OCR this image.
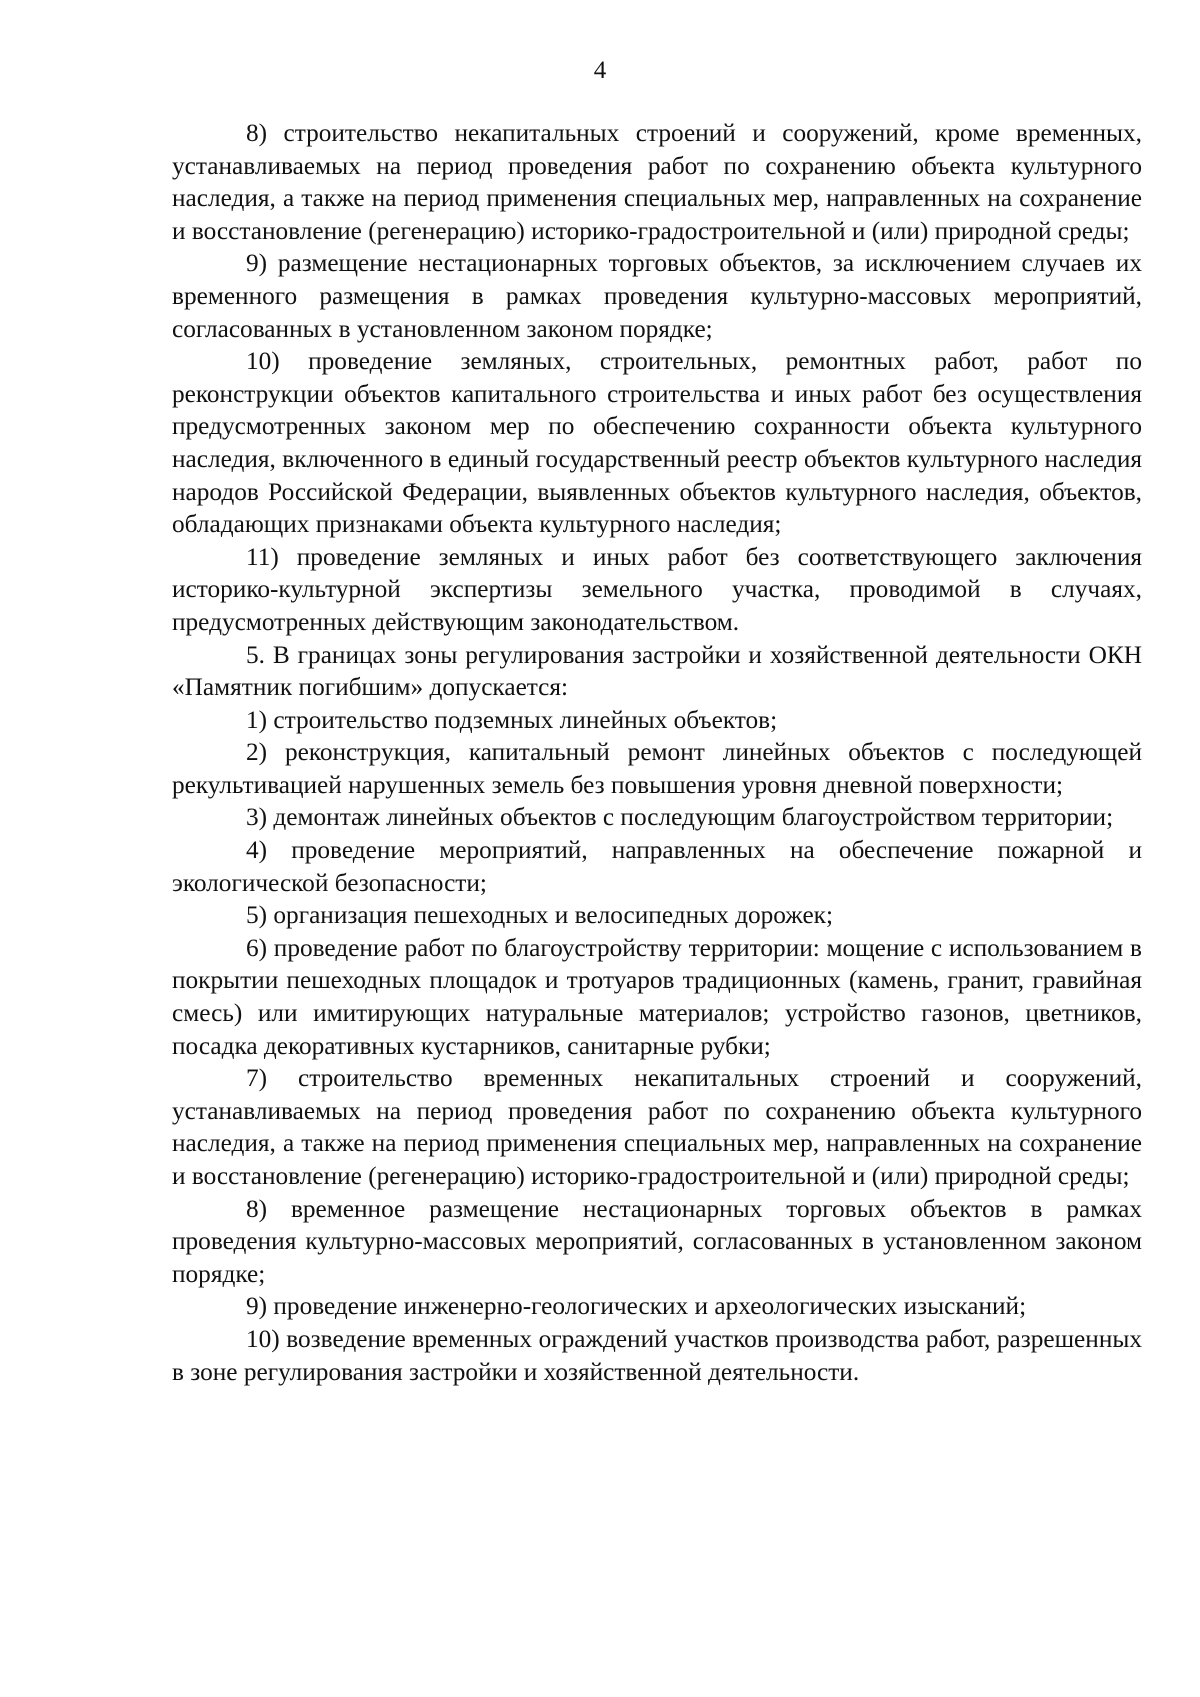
4

8) строительство некапитальных строений и сооружений, кроме временных, устанавливаемых на период проведения работ по сохранению объекта культурного наследия, а также на период применения специальных мер, направленных на сохранение и восстановление (регенерацию) историко-градостроительной и (или) природной среды;

9) размещение нестационарных торговых объектов, за исключением случаев их временного размещения в рамках проведения культурно-массовых мероприятий, согласованных в установленном законом порядке;

10) проведение земляных, строительных, ремонтных работ, работ по реконструкции объектов капитального строительства и иных работ без осуществления предусмотренных законом мер по обеспечению сохранности объекта культурного наследия, включенного в единый государственный реестр объектов культурного наследия народов Российской Федерации, выявленных объектов культурного наследия, объектов, обладающих признаками объекта культурного наследия;

11) проведение земляных и иных работ без соответствующего заключения историко-культурной экспертизы земельного участка, проводимой в случаях, предусмотренных действующим законодательством.

5. В границах зоны регулирования застройки и хозяйственной деятельности ОКН «Памятник погибшим» допускается:

1) строительство подземных линейных объектов;

2) реконструкция, капитальный ремонт линейных объектов с последующей рекультивацией нарушенных земель без повышения уровня дневной поверхности;

3) демонтаж линейных объектов с последующим благоустройством территории;

4) проведение мероприятий, направленных на обеспечение пожарной и экологической безопасности;

5) организация пешеходных и велосипедных дорожек;

6) проведение работ по благоустройству территории: мощение с использованием в покрытии пешеходных площадок и тротуаров традиционных (камень, гранит, гравийная смесь) или имитирующих натуральные материалов; устройство газонов, цветников, посадка декоративных кустарников, санитарные рубки;

7) строительство временных некапитальных строений и сооружений, устанавливаемых на период проведения работ по сохранению объекта культурного наследия, а также на период применения специальных мер, направленных на сохранение и восстановление (регенерацию) историко-градостроительной и (или) природной среды;

8) временное размещение нестационарных торговых объектов в рамках проведения культурно-массовых мероприятий, согласованных в установленном законом порядке;

9) проведение инженерно-геологических и археологических изысканий;

10) возведение временных ограждений участков производства работ, разрешенных в зоне регулирования застройки и хозяйственной деятельности.
